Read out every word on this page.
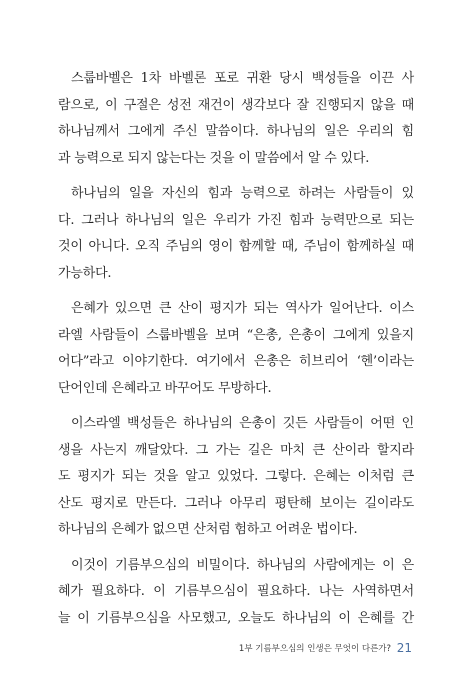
스룹바벨은 1차 바벨론 포로 귀환 당시 백성들을 이끈 사
람으로, 이 구절은 성전 재건이 생각보다 잘 진행되지 않을 때
하나님께서 그에게 주신 말씀이다. 하나님의 일은 우리의 힘
과 능력으로 되지 않는다는 것을 이 말씀에서 알 수 있다.

하나님의 일을 자신의 힘과 능력으로 하려는 사람들이 있
다. 그러나 하나님의 일은 우리가 가진 힘과 능력만으로 되는
것이 아니다. 오직 주님의 영이 함께할 때, 주님이 함께하실 때
가능하다.

은혜가 있으면 큰 산이 평지가 되는 역사가 일어난다. 이스
라엘 사람들이 스룹바벨을 보며 “은총, 은총이 그에게 있을지
어다”라고 이야기한다. 여기에서 은총은 히브리어 ‘헨’이라는
단어인데 은혜라고 바꾸어도 무방하다.

이스라엘 백성들은 하나님의 은총이 깃든 사람들이 어떤 인
생을 사는지 깨달았다. 그 가는 길은 마치 큰 산이라 할지라
도 평지가 되는 것을 알고 있었다. 그렇다. 은혜는 이처럼 큰
산도 평지로 만든다. 그러나 아무리 평탄해 보이는 길이라도
하나님의 은혜가 없으면 산처럼 험하고 어려운 법이다.

이것이 기름부으심의 비밀이다. 하나님의 사람에게는 이 은
혜가 필요하다. 이 기름부으심이 필요하다. 나는 사역하면서
늘 이 기름부으심을 사모했고, 오늘도 하나님의 이 은혜를 간

1부 기름부으심의 인생은 무엇이 다른가? 21
